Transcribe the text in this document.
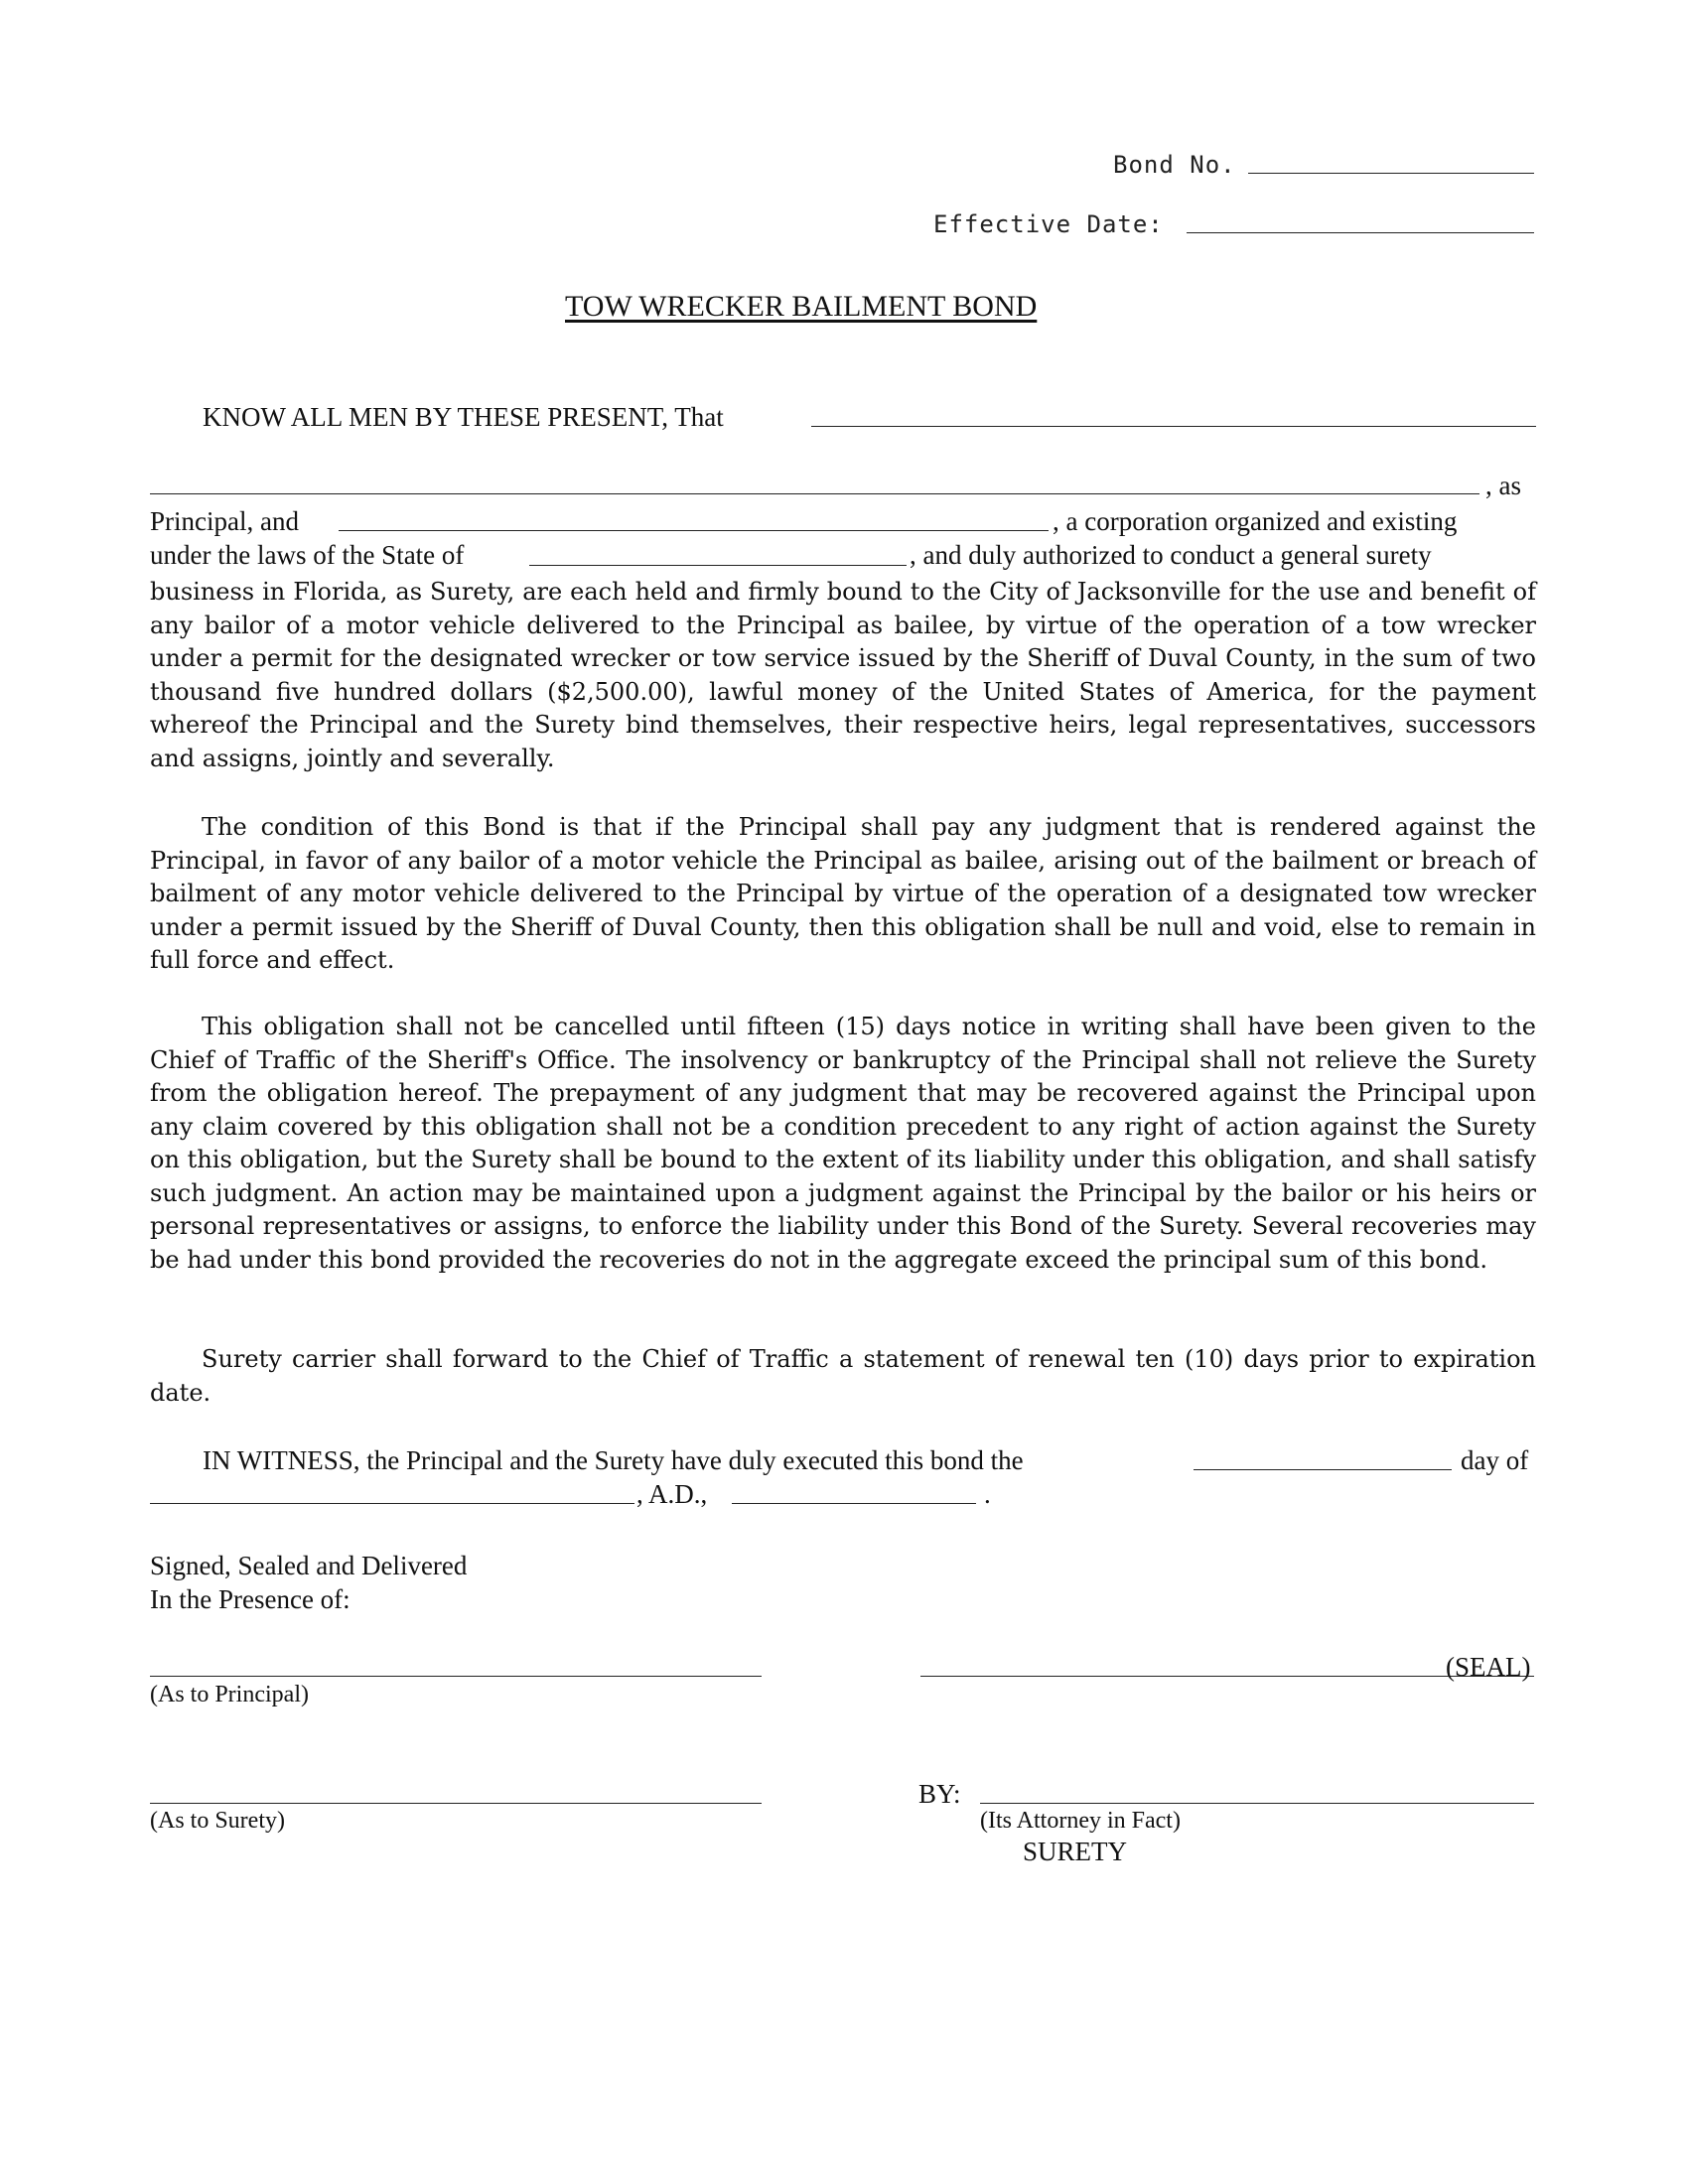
Bond No.
Effective Date:
TOW WRECKER BAILMENT BOND
KNOW ALL MEN BY THESE PRESENT, That
, as
Principal, and	, a corporation organized and existing
under the laws of the State of	, and duly authorized to conduct a general surety
business in Florida, as Surety, are each held and firmly bound to the City of Jacksonville for the use and benefit of any bailor of a motor vehicle delivered to the Principal as bailee, by virtue of the operation of a tow wrecker under a permit for the designated wrecker or tow service issued by the Sheriff of Duval County, in the sum of two thousand five hundred dollars ($2,500.00), lawful money of the United States of America, for the payment whereof the Principal and the Surety bind themselves, their respective heirs, legal representatives, successors and assigns, jointly and severally.
The condition of this Bond is that if the Principal shall pay any judgment that is rendered against the Principal, in favor of any bailor of a motor vehicle the Principal as bailee, arising out of the bailment or breach of bailment of any motor vehicle delivered to the Principal by virtue of the operation of a designated tow wrecker under a permit issued by the Sheriff of Duval County, then this obligation shall be null and void, else to remain in full force and effect.
This obligation shall not be cancelled until fifteen (15) days notice in writing shall have been given to the Chief of Traffic of the Sheriff's Office. The insolvency or bankruptcy of the Principal shall not relieve the Surety from the obligation hereof. The prepayment of any judgment that may be recovered against the Principal upon any claim covered by this obligation shall not be a condition precedent to any right of action against the Surety on this obligation, but the Surety shall be bound to the extent of its liability under this obligation, and shall satisfy such judgment. An action may be maintained upon a judgment against the Principal by the bailor or his heirs or personal representatives or assigns, to enforce the liability under this Bond of the Surety. Several recoveries may be had under this bond provided the recoveries do not in the aggregate exceed the principal sum of this bond.
Surety carrier shall forward to the Chief of Traffic a statement of renewal ten (10) days prior to expiration date.
IN WITNESS, the Principal and the Surety have duly executed this bond the	day of
, A.D.,	.
Signed, Sealed and Delivered
In the Presence of:
(As to Principal)
(SEAL)
(As to Surety)
BY:
(Its Attorney in Fact)
SURETY
